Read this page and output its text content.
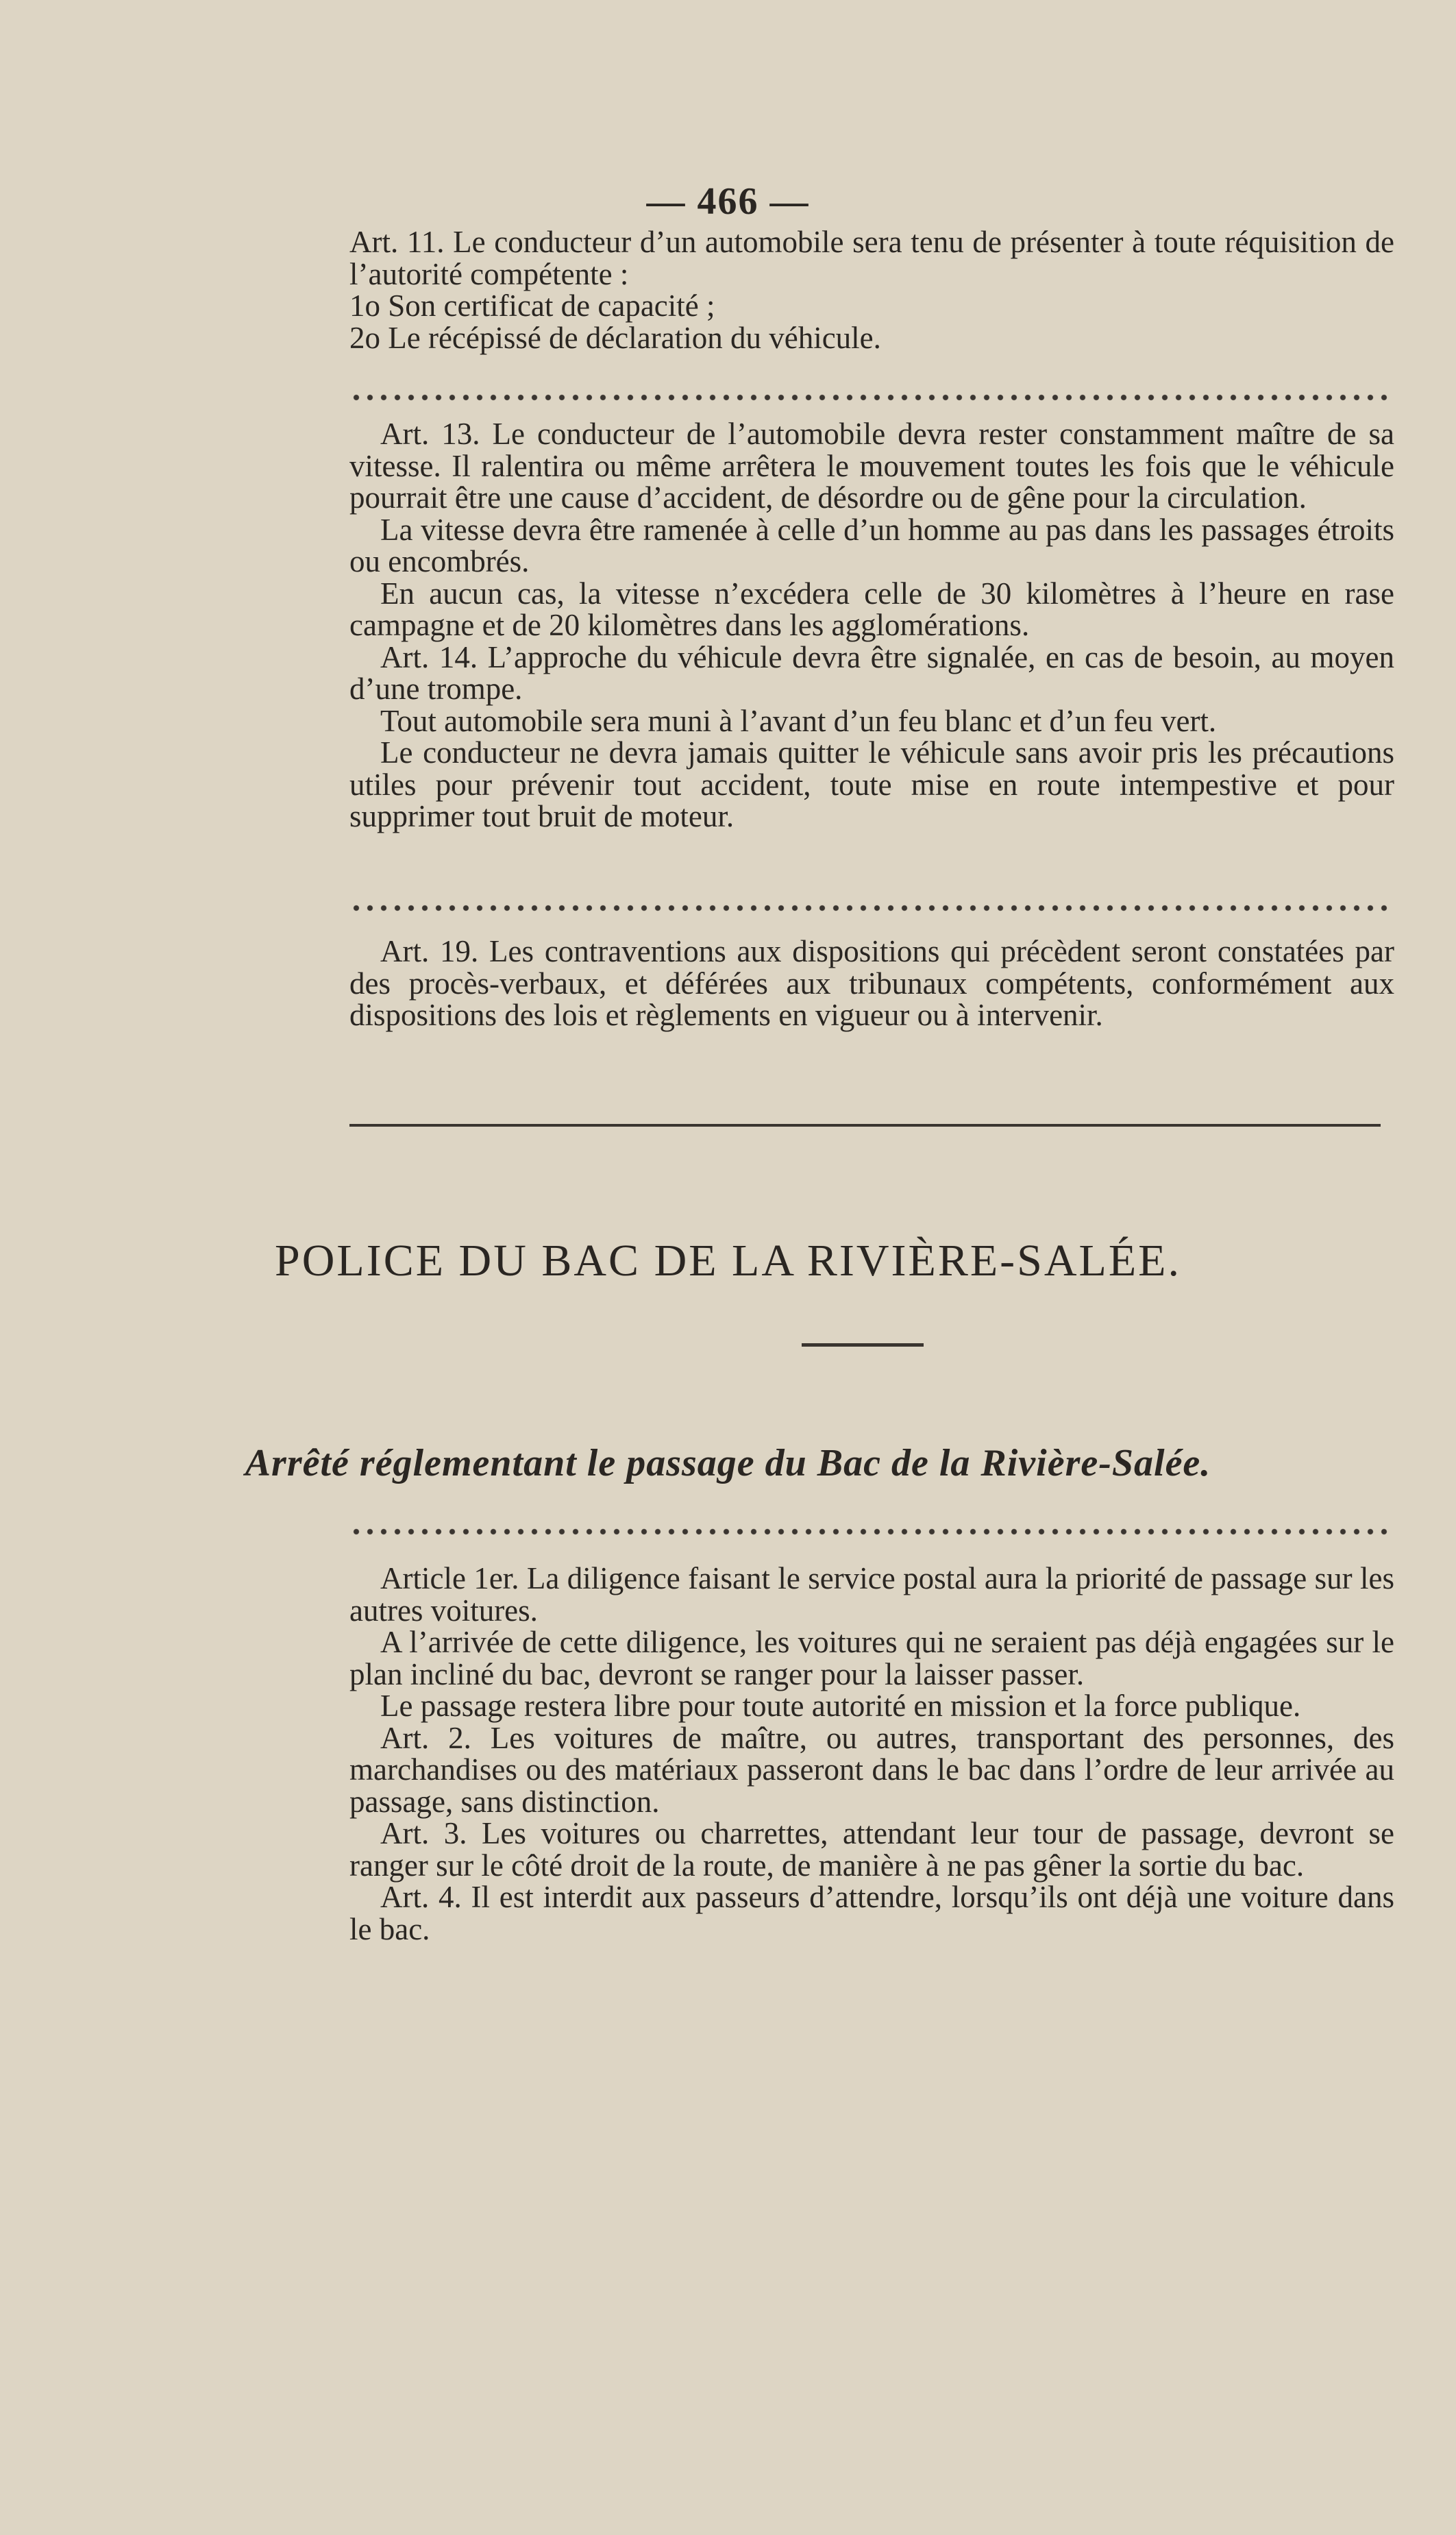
— 466 —

Art. 11. Le conducteur d’un automobile sera tenu de présenter à toute réquisition de l’autorité compétente :

1o Son certificat de capacité ;

2o Le récépissé de déclaration du véhicule.

Art. 13. Le conducteur de l’automobile devra rester constamment maître de sa vitesse. Il ralentira ou même arrêtera le mouvement toutes les fois que le véhicule pourrait être une cause d’accident, de désordre ou de gêne pour la circulation.

La vitesse devra être ramenée à celle d’un homme au pas dans les passages étroits ou encombrés.

En aucun cas, la vitesse n’excédera celle de 30 kilomètres à l’heure en rase campagne et de 20 kilomètres dans les agglomérations.

Art. 14. L’approche du véhicule devra être signalée, en cas de besoin, au moyen d’une trompe.

Tout automobile sera muni à l’avant d’un feu blanc et d’un feu vert.

Le conducteur ne devra jamais quitter le véhicule sans avoir pris les précautions utiles pour prévenir tout accident, toute mise en route intempestive et pour supprimer tout bruit de moteur.

Art. 19. Les contraventions aux dispositions qui précèdent seront constatées par des procès-verbaux, et déférées aux tribunaux compétents, conformément aux dispositions des lois et règlements en vigueur ou à intervenir.

POLICE DU BAC DE LA RIVIÈRE-SALÉE.
Arrêté réglementant le passage du Bac de la Rivière-Salée.

Article 1er. La diligence faisant le service postal aura la priorité de passage sur les autres voitures.

A l’arrivée de cette diligence, les voitures qui ne seraient pas déjà engagées sur le plan incliné du bac, devront se ranger pour la laisser passer.

Le passage restera libre pour toute autorité en mission et la force publique.

Art. 2. Les voitures de maître, ou autres, transportant des personnes, des marchandises ou des matériaux passeront dans le bac dans l’ordre de leur arrivée au passage, sans distinction.

Art. 3. Les voitures ou charrettes, attendant leur tour de passage, devront se ranger sur le côté droit de la route, de manière à ne pas gêner la sortie du bac.

Art. 4. Il est interdit aux passeurs d’attendre, lorsqu’ils ont déjà une voiture dans le bac.
